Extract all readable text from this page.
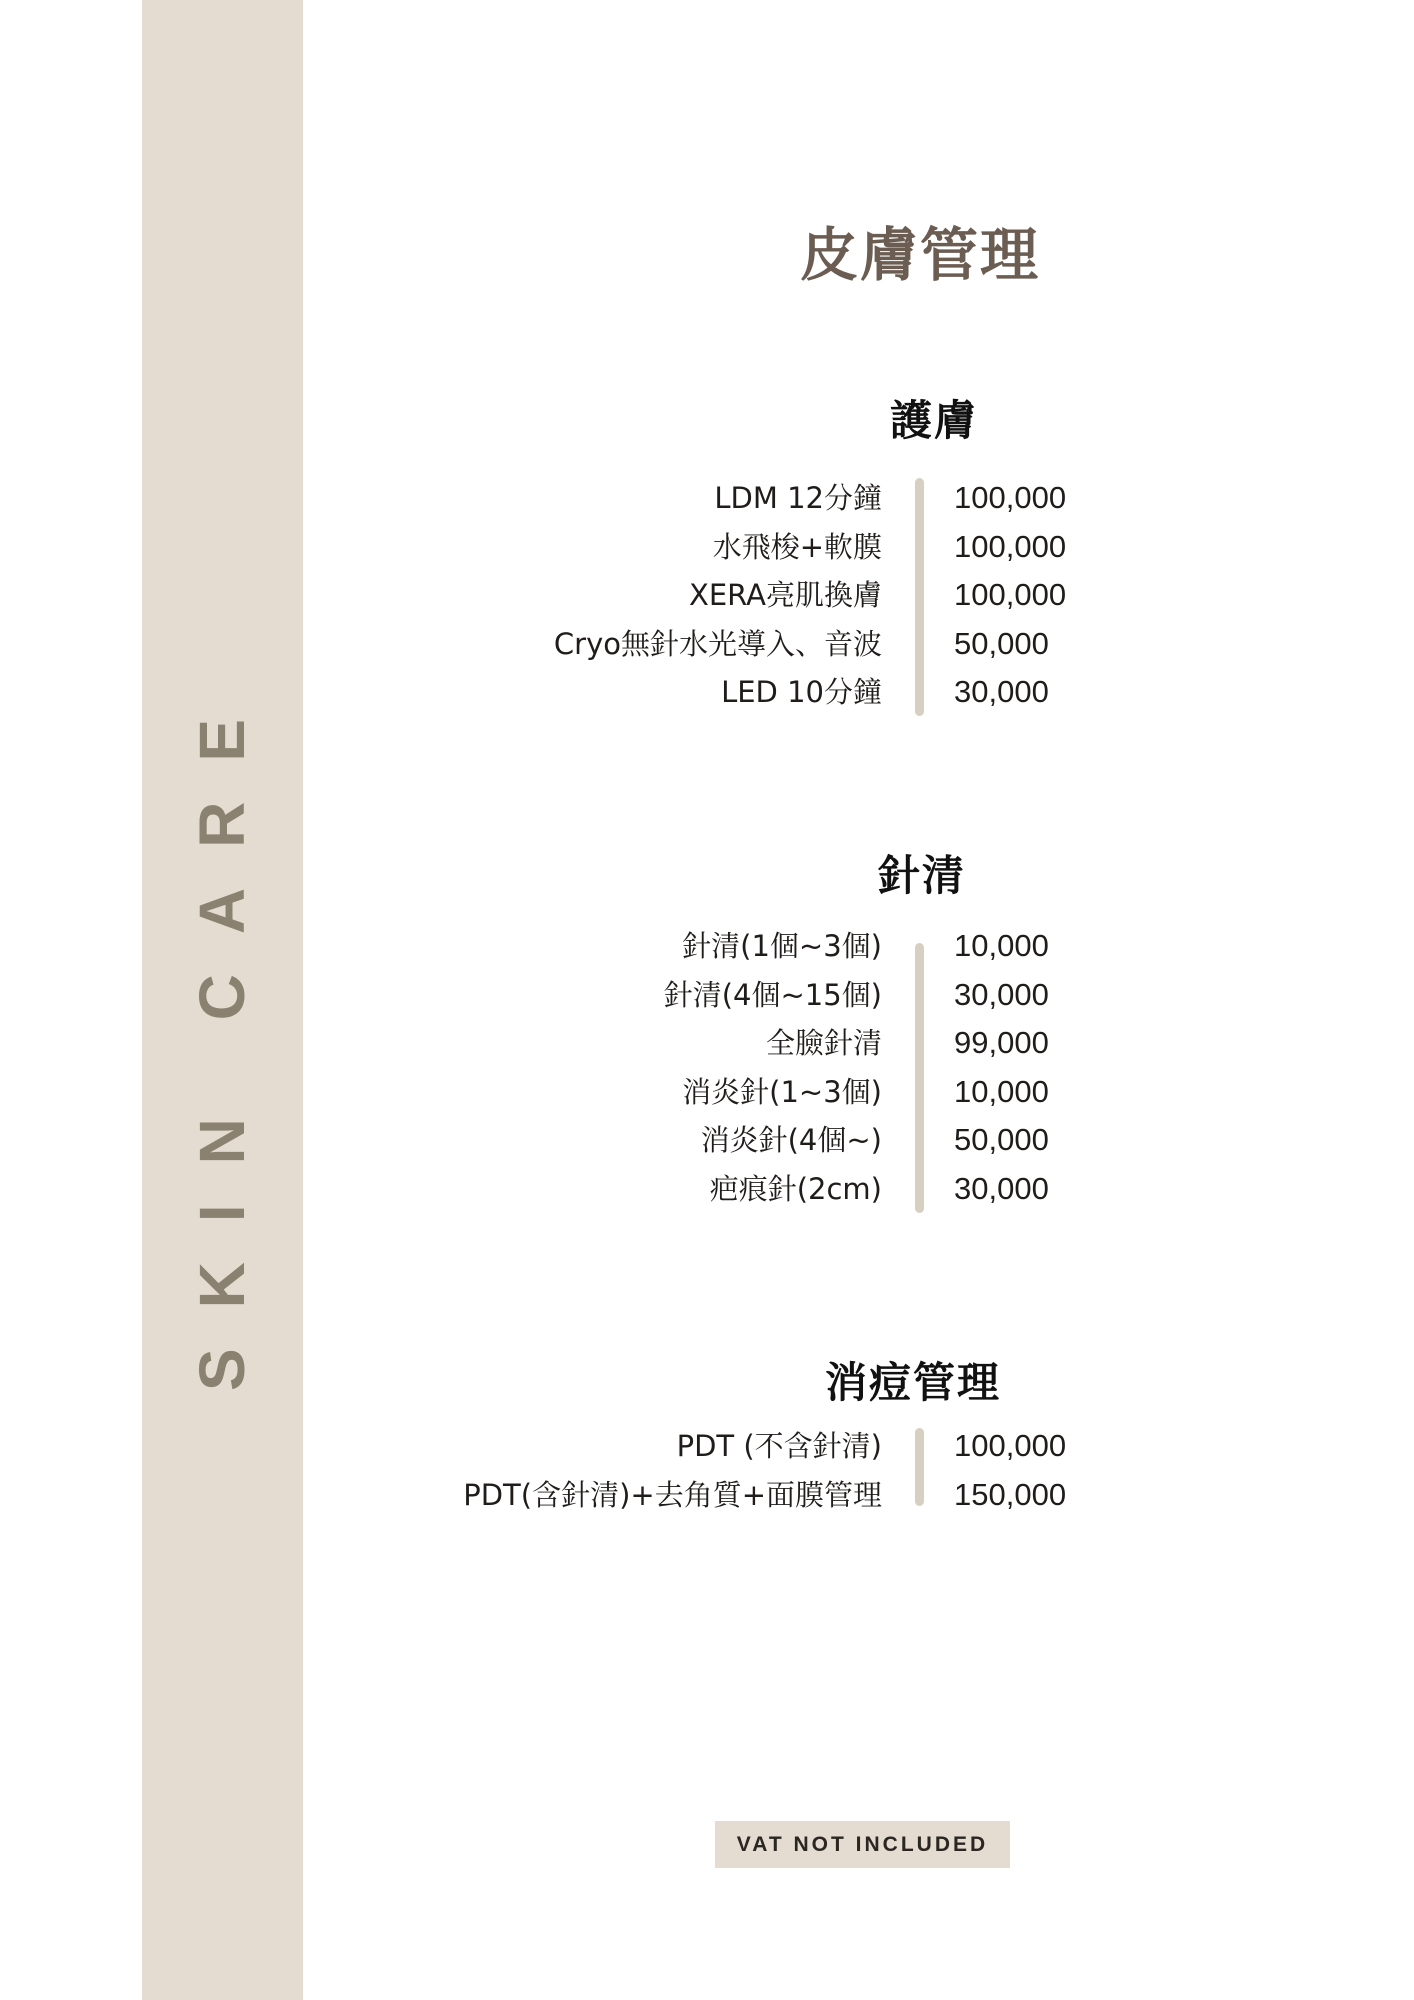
SKIN CARE
皮膚管理
護膚
LDM 12分鐘 100,000
水飛梭+軟膜 100,000
XERA亮肌換膚 100,000
Cryo無針水光導入、音波 50,000
LED 10分鐘 30,000
針清
針清(1個~3個) 10,000
針清(4個~15個) 30,000
全臉針清 99,000
消炎針(1~3個) 10,000
消炎針(4個~) 50,000
疤痕針(2cm) 30,000
消痘管理
PDT (不含針清) 100,000
PDT(含針清)+去角質+面膜管理 150,000
VAT NOT INCLUDED
